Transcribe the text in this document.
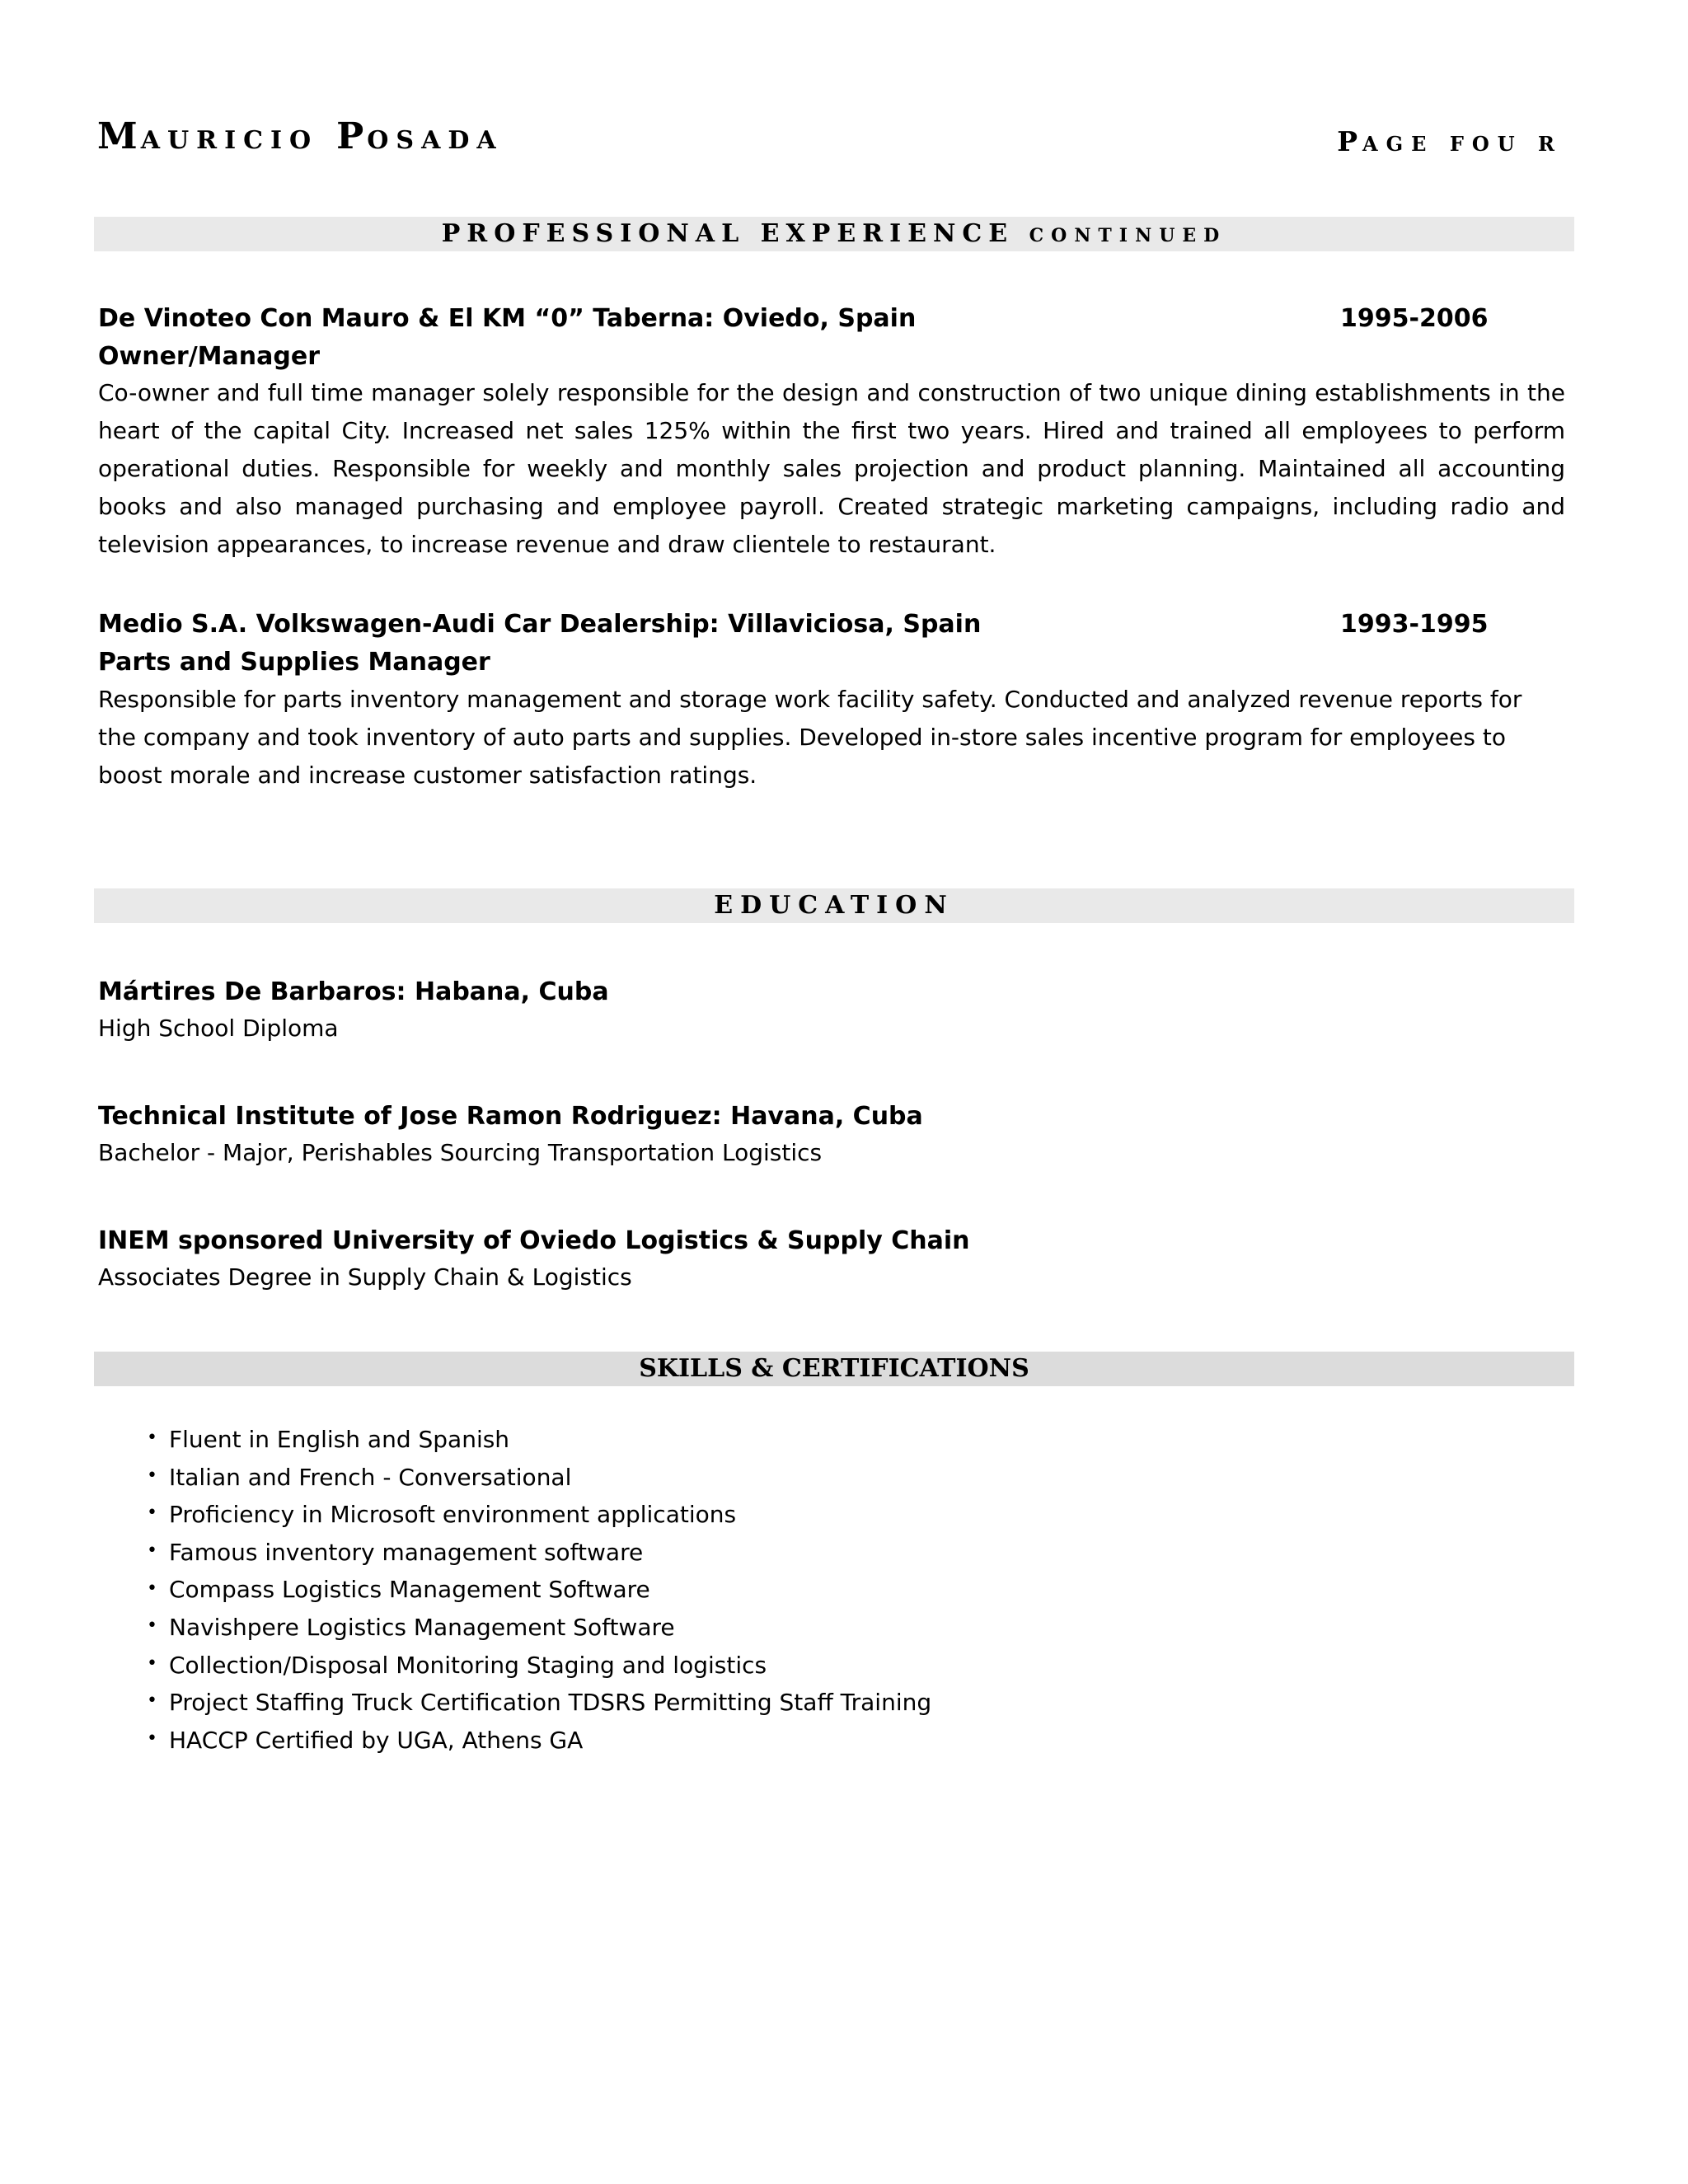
MAURICIO POSADA	PAGE FOU R
PROFESSIONAL EXPERIENCE CONTINUED
De Vinoteo Con Mauro & El KM “0” Taberna: Oviedo, Spain	1995-2006
Owner/Manager
Co-owner and full time manager solely responsible for the design and construction of two unique dining establishments in the heart of the capital City. Increased net sales 125% within the first two years. Hired and trained all employees to perform operational duties. Responsible for weekly and monthly sales projection and product planning. Maintained all accounting books and also managed purchasing and employee payroll. Created strategic marketing campaigns, including radio and television appearances, to increase revenue and draw clientele to restaurant.
Medio S.A. Volkswagen-Audi Car Dealership: Villaviciosa, Spain	1993-1995
Parts and Supplies Manager
Responsible for parts inventory management and storage work facility safety. Conducted and analyzed revenue reports for the company and took inventory of auto parts and supplies. Developed in-store sales incentive program for employees to boost morale and increase customer satisfaction ratings.
EDUCATION
Mártires De Barbaros: Habana, Cuba
High School Diploma
Technical Institute of Jose Ramon Rodriguez: Havana, Cuba
Bachelor - Major, Perishables Sourcing Transportation Logistics
INEM sponsored University of Oviedo Logistics & Supply Chain
Associates Degree in Supply Chain & Logistics
SKILLS & CERTIFICATIONS
• Fluent in English and Spanish
• Italian and French - Conversational
• Proficiency in Microsoft environment applications
• Famous inventory management software
• Compass Logistics Management Software
• Navishpere Logistics Management Software
• Collection/Disposal Monitoring Staging and logistics
• Project Staffing Truck Certification TDSRS Permitting Staff Training
• HACCP Certified by UGA, Athens GA
